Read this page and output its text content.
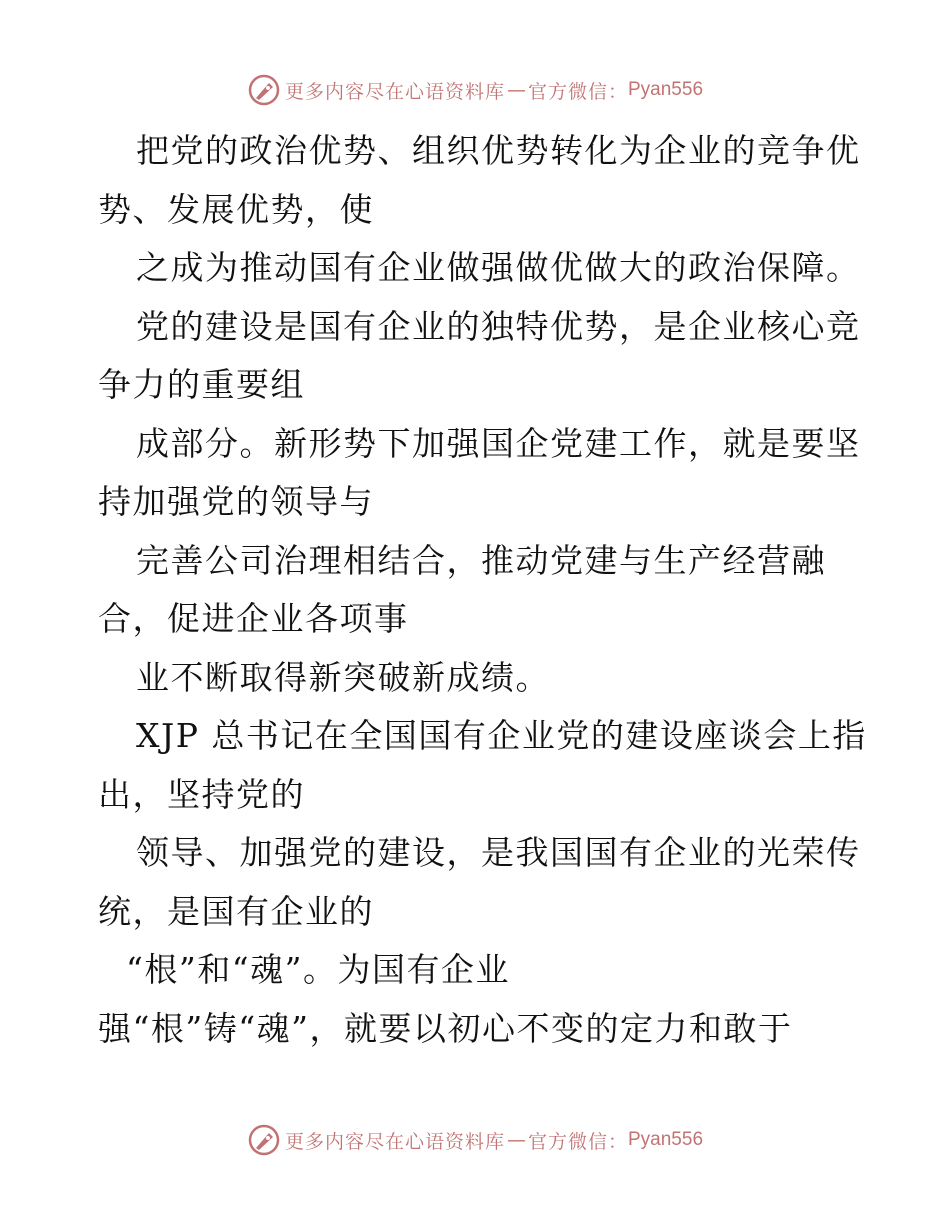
更多内容尽在心语资料库 — 官方微信： Pyan556
把党的政治优势、组织优势转化为企业的竞争优
势、发展优势，使
之成为推动国有企业做强做优做大的政治保障。
党的建设是国有企业的独特优势，是企业核心竞
争力的重要组
成部分。新形势下加强国企党建工作，就是要坚
持加强党的领导与
完善公司治理相结合，推动党建与生产经营融
合，促进企业各项事
业不断取得新突破新成绩。
XJP 总书记在全国国有企业党的建设座谈会上指
出，坚持党的
领导、加强党的建设，是我国国有企业的光荣传
统，是国有企业的
“根”和“魂”。为国有企业
强“根”铸“魂”，就要以初心不变的定力和敢于
更多内容尽在心语资料库 — 官方微信： Pyan556
